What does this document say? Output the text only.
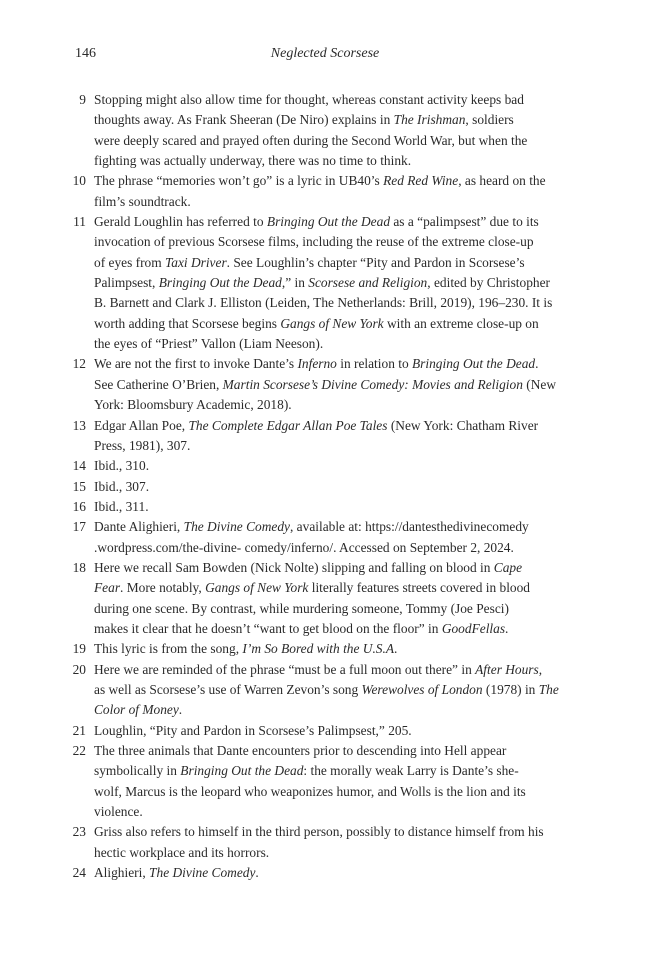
146	Neglected Scorsese
9 Stopping might also allow time for thought, whereas constant activity keeps bad
thoughts away. As Frank Sheeran (De Niro) explains in The Irishman, soldiers
were deeply scared and prayed often during the Second World War, but when the
fighting was actually underway, there was no time to think.
10 The phrase “memories won’t go” is a lyric in UB40’s Red Red Wine, as heard on the
film’s soundtrack.
11 Gerald Loughlin has referred to Bringing Out the Dead as a “palimpsest” due to its
invocation of previous Scorsese films, including the reuse of the extreme close-up
of eyes from Taxi Driver. See Loughlin’s chapter “Pity and Pardon in Scorsese’s
Palimpsest, Bringing Out the Dead,” in Scorsese and Religion, edited by Christopher
B. Barnett and Clark J. Elliston (Leiden, The Netherlands: Brill, 2019), 196–230. It is
worth adding that Scorsese begins Gangs of New York with an extreme close-up on
the eyes of “Priest” Vallon (Liam Neeson).
12 We are not the first to invoke Dante’s Inferno in relation to Bringing Out the Dead.
See Catherine O’Brien, Martin Scorsese’s Divine Comedy: Movies and Religion (New
York: Bloomsbury Academic, 2018).
13 Edgar Allan Poe, The Complete Edgar Allan Poe Tales (New York: Chatham River
Press, 1981), 307.
14 Ibid., 310.
15 Ibid., 307.
16 Ibid., 311.
17 Dante Alighieri, The Divine Comedy, available at: https://dantesthedivinecomedy
.wordpress.com/the-divine- comedy/inferno/. Accessed on September 2, 2024.
18 Here we recall Sam Bowden (Nick Nolte) slipping and falling on blood in Cape
Fear. More notably, Gangs of New York literally features streets covered in blood
during one scene. By contrast, while murdering someone, Tommy (Joe Pesci)
makes it clear that he doesn’t “want to get blood on the floor” in GoodFellas.
19 This lyric is from the song, I’m So Bored with the U.S.A.
20 Here we are reminded of the phrase “must be a full moon out there” in After Hours,
as well as Scorsese’s use of Warren Zevon’s song Werewolves of London (1978) in The
Color of Money.
21 Loughlin, “Pity and Pardon in Scorsese’s Palimpsest,” 205.
22 The three animals that Dante encounters prior to descending into Hell appear
symbolically in Bringing Out the Dead: the morally weak Larry is Dante’s she-
wolf, Marcus is the leopard who weaponizes humor, and Wolls is the lion and its
violence.
23 Griss also refers to himself in the third person, possibly to distance himself from his
hectic workplace and its horrors.
24 Alighieri, The Divine Comedy.
